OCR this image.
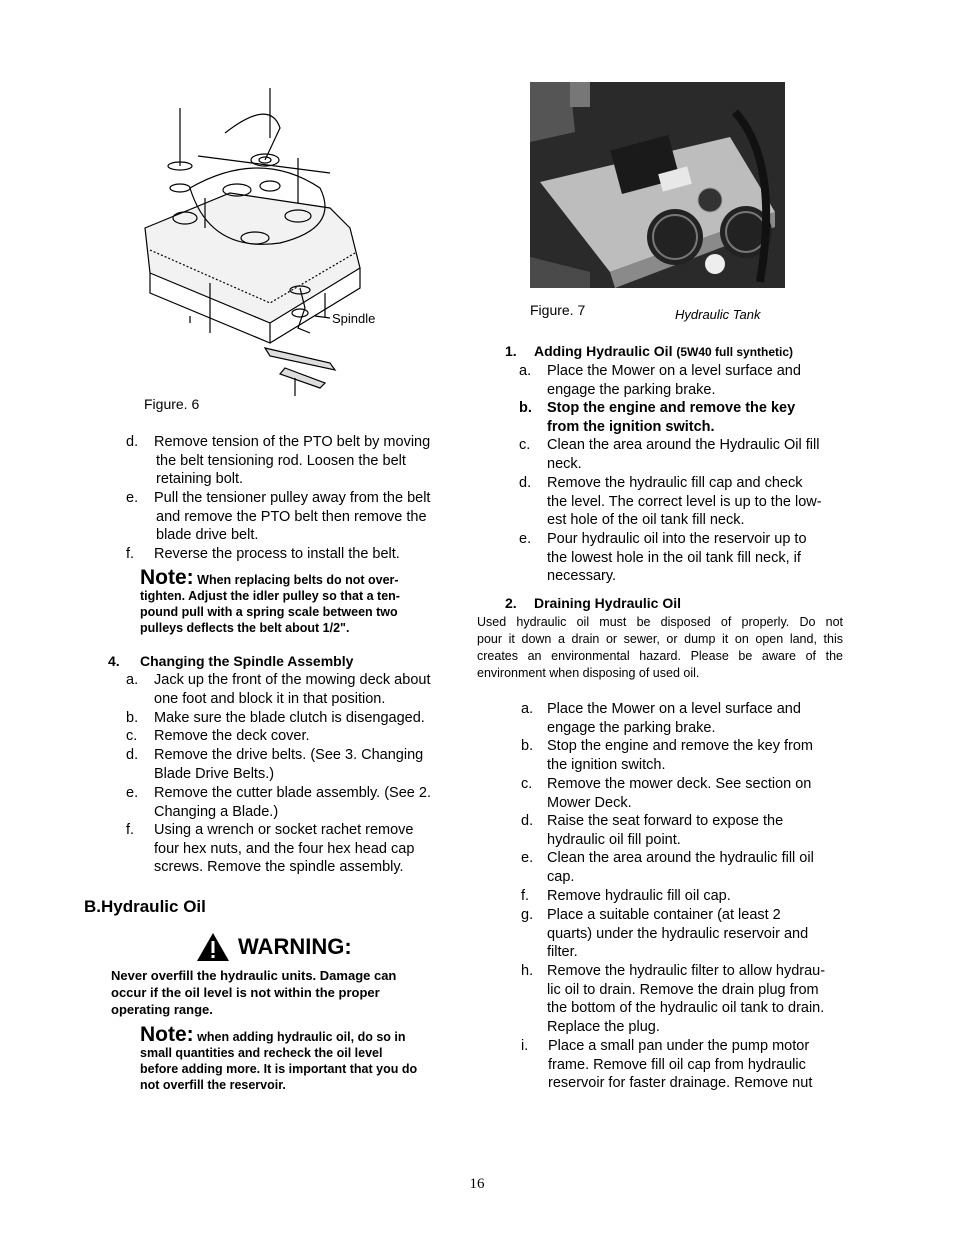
Spindle
Figure. 6
Figure. 7	Hydraulic Tank
d. Remove tension of the PTO belt by moving
the belt tensioning rod. Loosen the belt
retaining bolt.
e. Pull the tensioner pulley away from the belt
and remove the PTO belt then remove the
blade drive belt.
f. Reverse the process to install the belt.
Note: When replacing belts do not over-
tighten. Adjust the idler pulley so that a ten-
pound pull with a spring scale between two
pulleys deflects the belt about 1/2".
4. Changing the Spindle Assembly
a. Jack up the front of the mowing deck about
one foot and block it in that position.
b. Make sure the blade clutch is disengaged.
c. Remove the deck cover.
d. Remove the drive belts. (See 3. Changing
Blade Drive Belts.)
e. Remove the cutter blade assembly. (See 2.
Changing a Blade.)
f. Using a wrench or socket rachet remove
four hex nuts, and the four hex head cap
screws. Remove the spindle assembly.
B.Hydraulic Oil
WARNING:
Never overfill the hydraulic units. Damage can
occur if the oil level is not within the proper
operating range.
Note: when adding hydraulic oil, do so in
small quantities and recheck the oil level
before adding more. It is important that you do
not overfill the reservoir.
1. Adding Hydraulic Oil (5W40 full synthetic)
a. Place the Mower on a level surface and
engage the parking brake.
b. Stop the engine and remove the key
from the ignition switch.
c. Clean the area around the Hydraulic Oil fill
neck.
d. Remove the hydraulic fill cap and check
the level. The correct level is up to the low-
est hole of the oil tank fill neck.
e. Pour hydraulic oil into the reservoir up to
the lowest hole in the oil tank fill neck, if
necessary.
2. Draining Hydraulic Oil
Used hydraulic oil must be disposed of properly. Do not
pour it down a drain or sewer, or dump it on open land, this
creates an environmental hazard. Please be aware of the
environment when disposing of used oil.
a. Place the Mower on a level surface and
engage the parking brake.
b. Stop the engine and remove the key from
the ignition switch.
c. Remove the mower deck. See section on
Mower Deck.
d. Raise the seat forward to expose the
hydraulic oil fill point.
e. Clean the area around the hydraulic fill oil
cap.
f. Remove hydraulic fill oil cap.
g. Place a suitable container (at least 2
quarts) under the hydraulic reservoir and
filter.
h. Remove the hydraulic filter to allow hydrau-
lic oil to drain. Remove the drain plug from
the bottom of the hydraulic oil tank to drain.
Replace the plug.
i. Place a small pan under the pump motor
frame. Remove fill oil cap from hydraulic
reservoir for faster drainage. Remove nut
16
